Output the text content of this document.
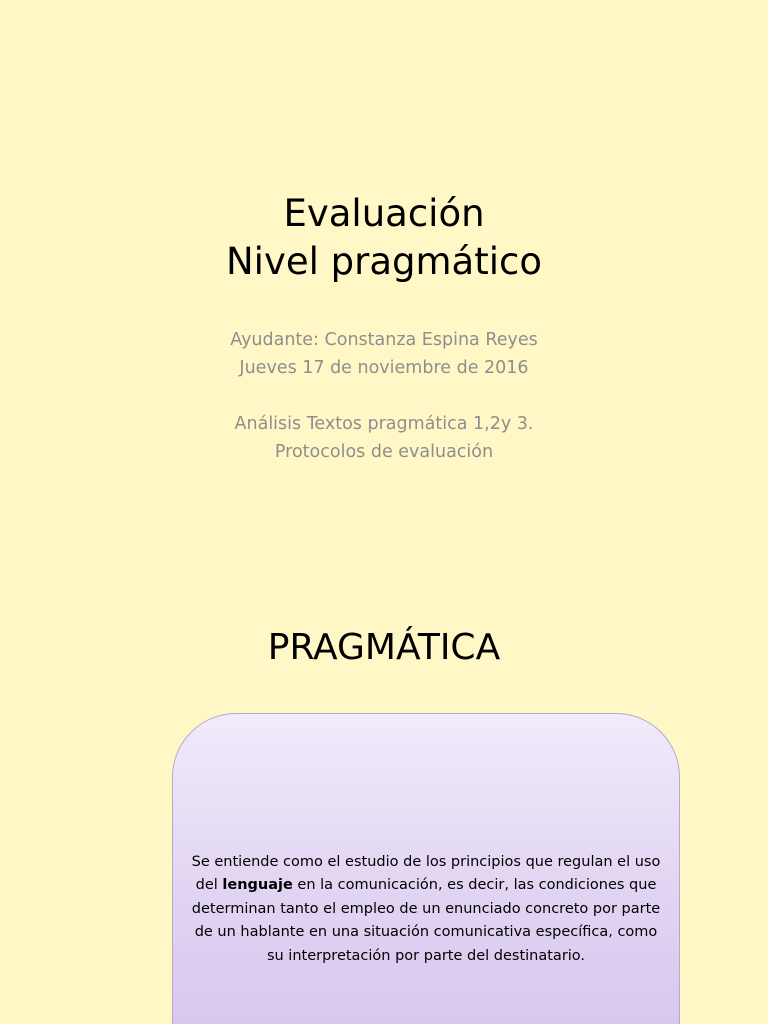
Evaluación
Nivel pragmático
Ayudante: Constanza Espina Reyes
Jueves 17 de noviembre de 2016
Análisis Textos pragmática 1,2y 3.
Protocolos de evaluación
PRAGMÁTICA

Se entiende como el estudio de los principios que regulan el uso del lenguaje en la comunicación, es decir, las condiciones que determinan tanto el empleo de un enunciado concreto por parte de un hablante en una situación comunicativa específica, como su interpretación por parte del destinatario.
